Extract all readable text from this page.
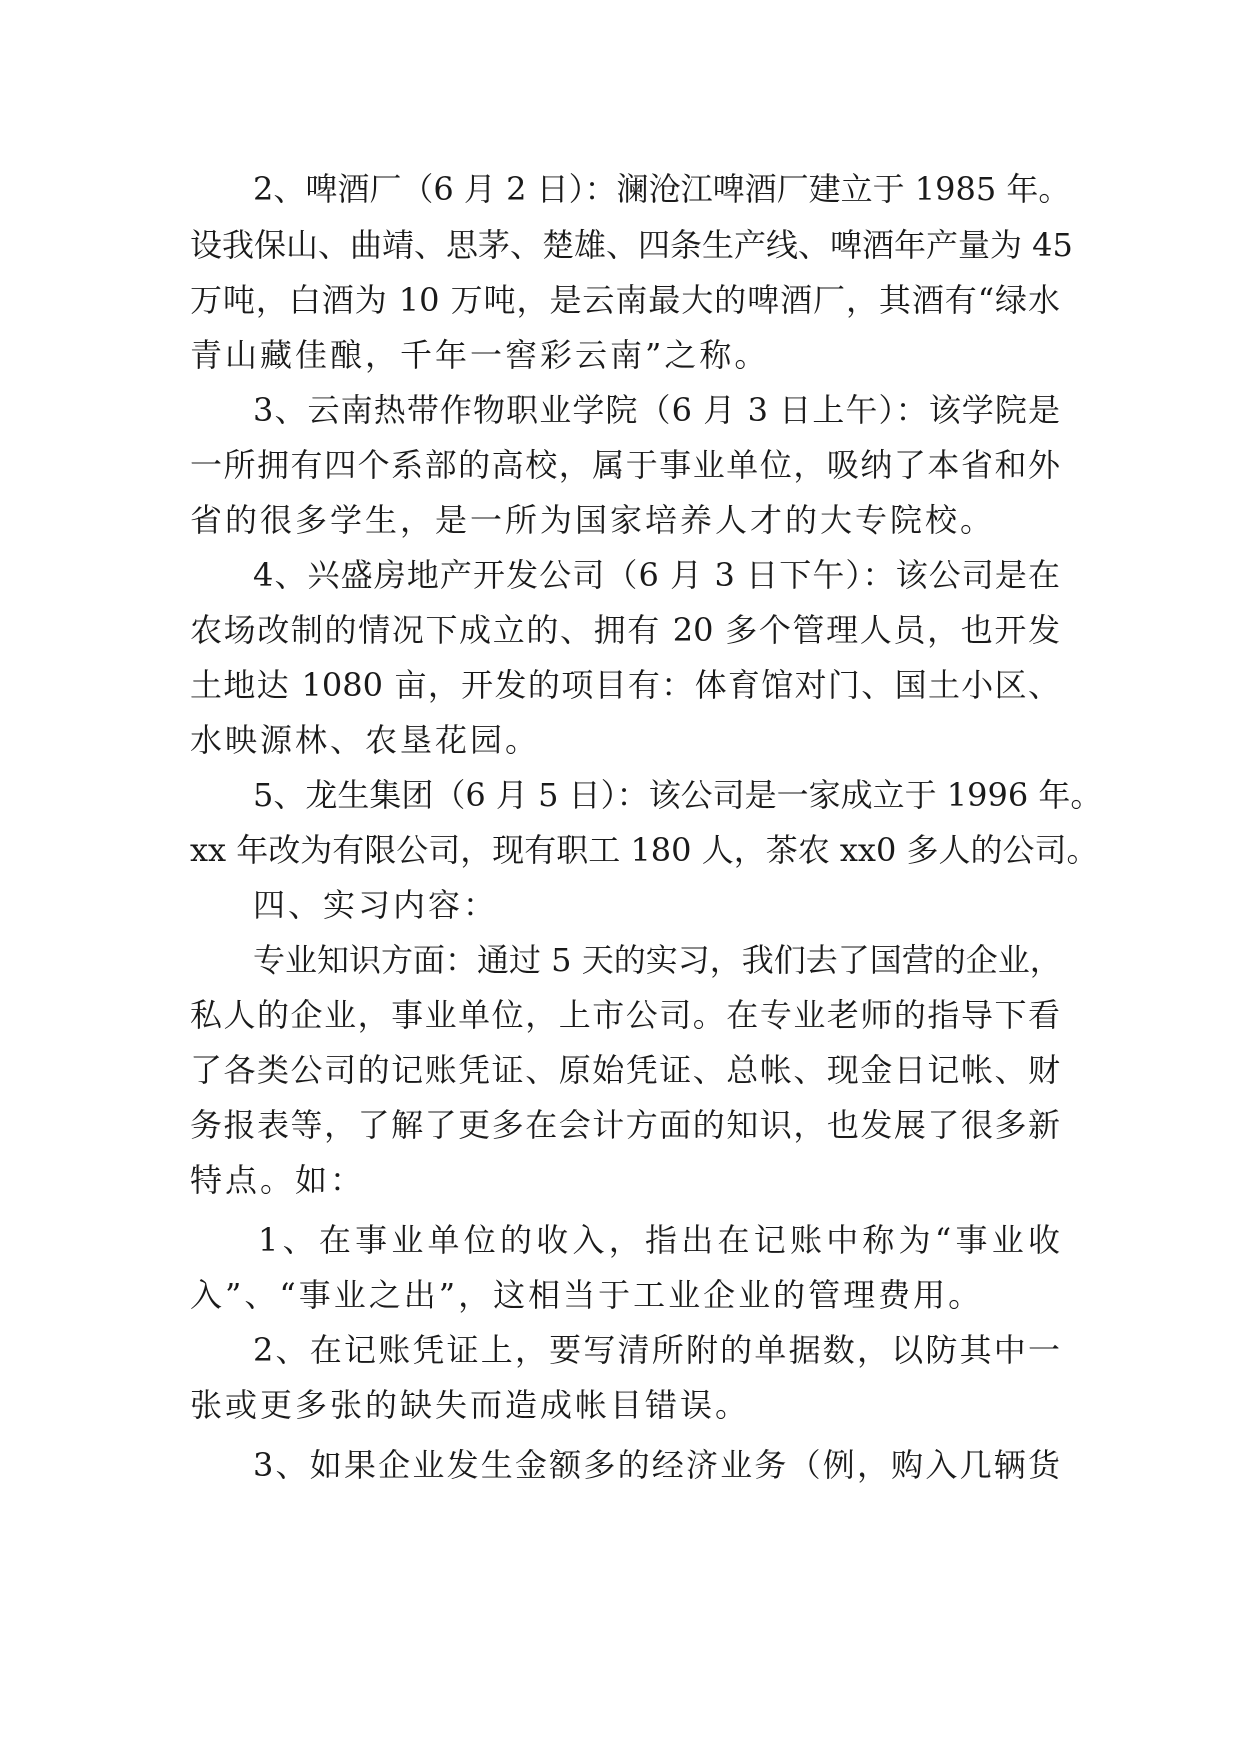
2、啤酒厂（6 月 2 日）：澜沧江啤酒厂建立于 1985 年。
设我保山、曲靖、思茅、楚雄、四条生产线、啤酒年产量为 45
万吨，白酒为 10 万吨，是云南最大的啤酒厂，其酒有“绿水
青山藏佳酿，千年一窖彩云南”之称。
3、云南热带作物职业学院（6 月 3 日上午）：该学院是
一所拥有四个系部的高校，属于事业单位，吸纳了本省和外
省的很多学生，是一所为国家培养人才的大专院校。
4、兴盛房地产开发公司（6 月 3 日下午）：该公司是在
农场改制的情况下成立的、拥有 20 多个管理人员，也开发
土地达 1080 亩，开发的项目有：体育馆对门、国土小区、
水映源林、农垦花园。
5、龙生集团（6 月 5 日）：该公司是一家成立于 1996 年。
xx 年改为有限公司，现有职工 180 人，茶农 xx0 多人的公司。
四、实习内容：
专业知识方面：通过 5 天的实习，我们去了国营的企业，
私人的企业，事业单位，上市公司。在专业老师的指导下看
了各类公司的记账凭证、原始凭证、总帐、现金日记帐、财
务报表等，了解了更多在会计方面的知识，也发展了很多新
特点。如：
1、在事业单位的收入，指出在记账中称为“事业收
入”、“事业之出”，这相当于工业企业的管理费用。
2、在记账凭证上，要写清所附的单据数，以防其中一
张或更多张的缺失而造成帐目错误。
3、如果企业发生金额多的经济业务（例，购入几辆货
